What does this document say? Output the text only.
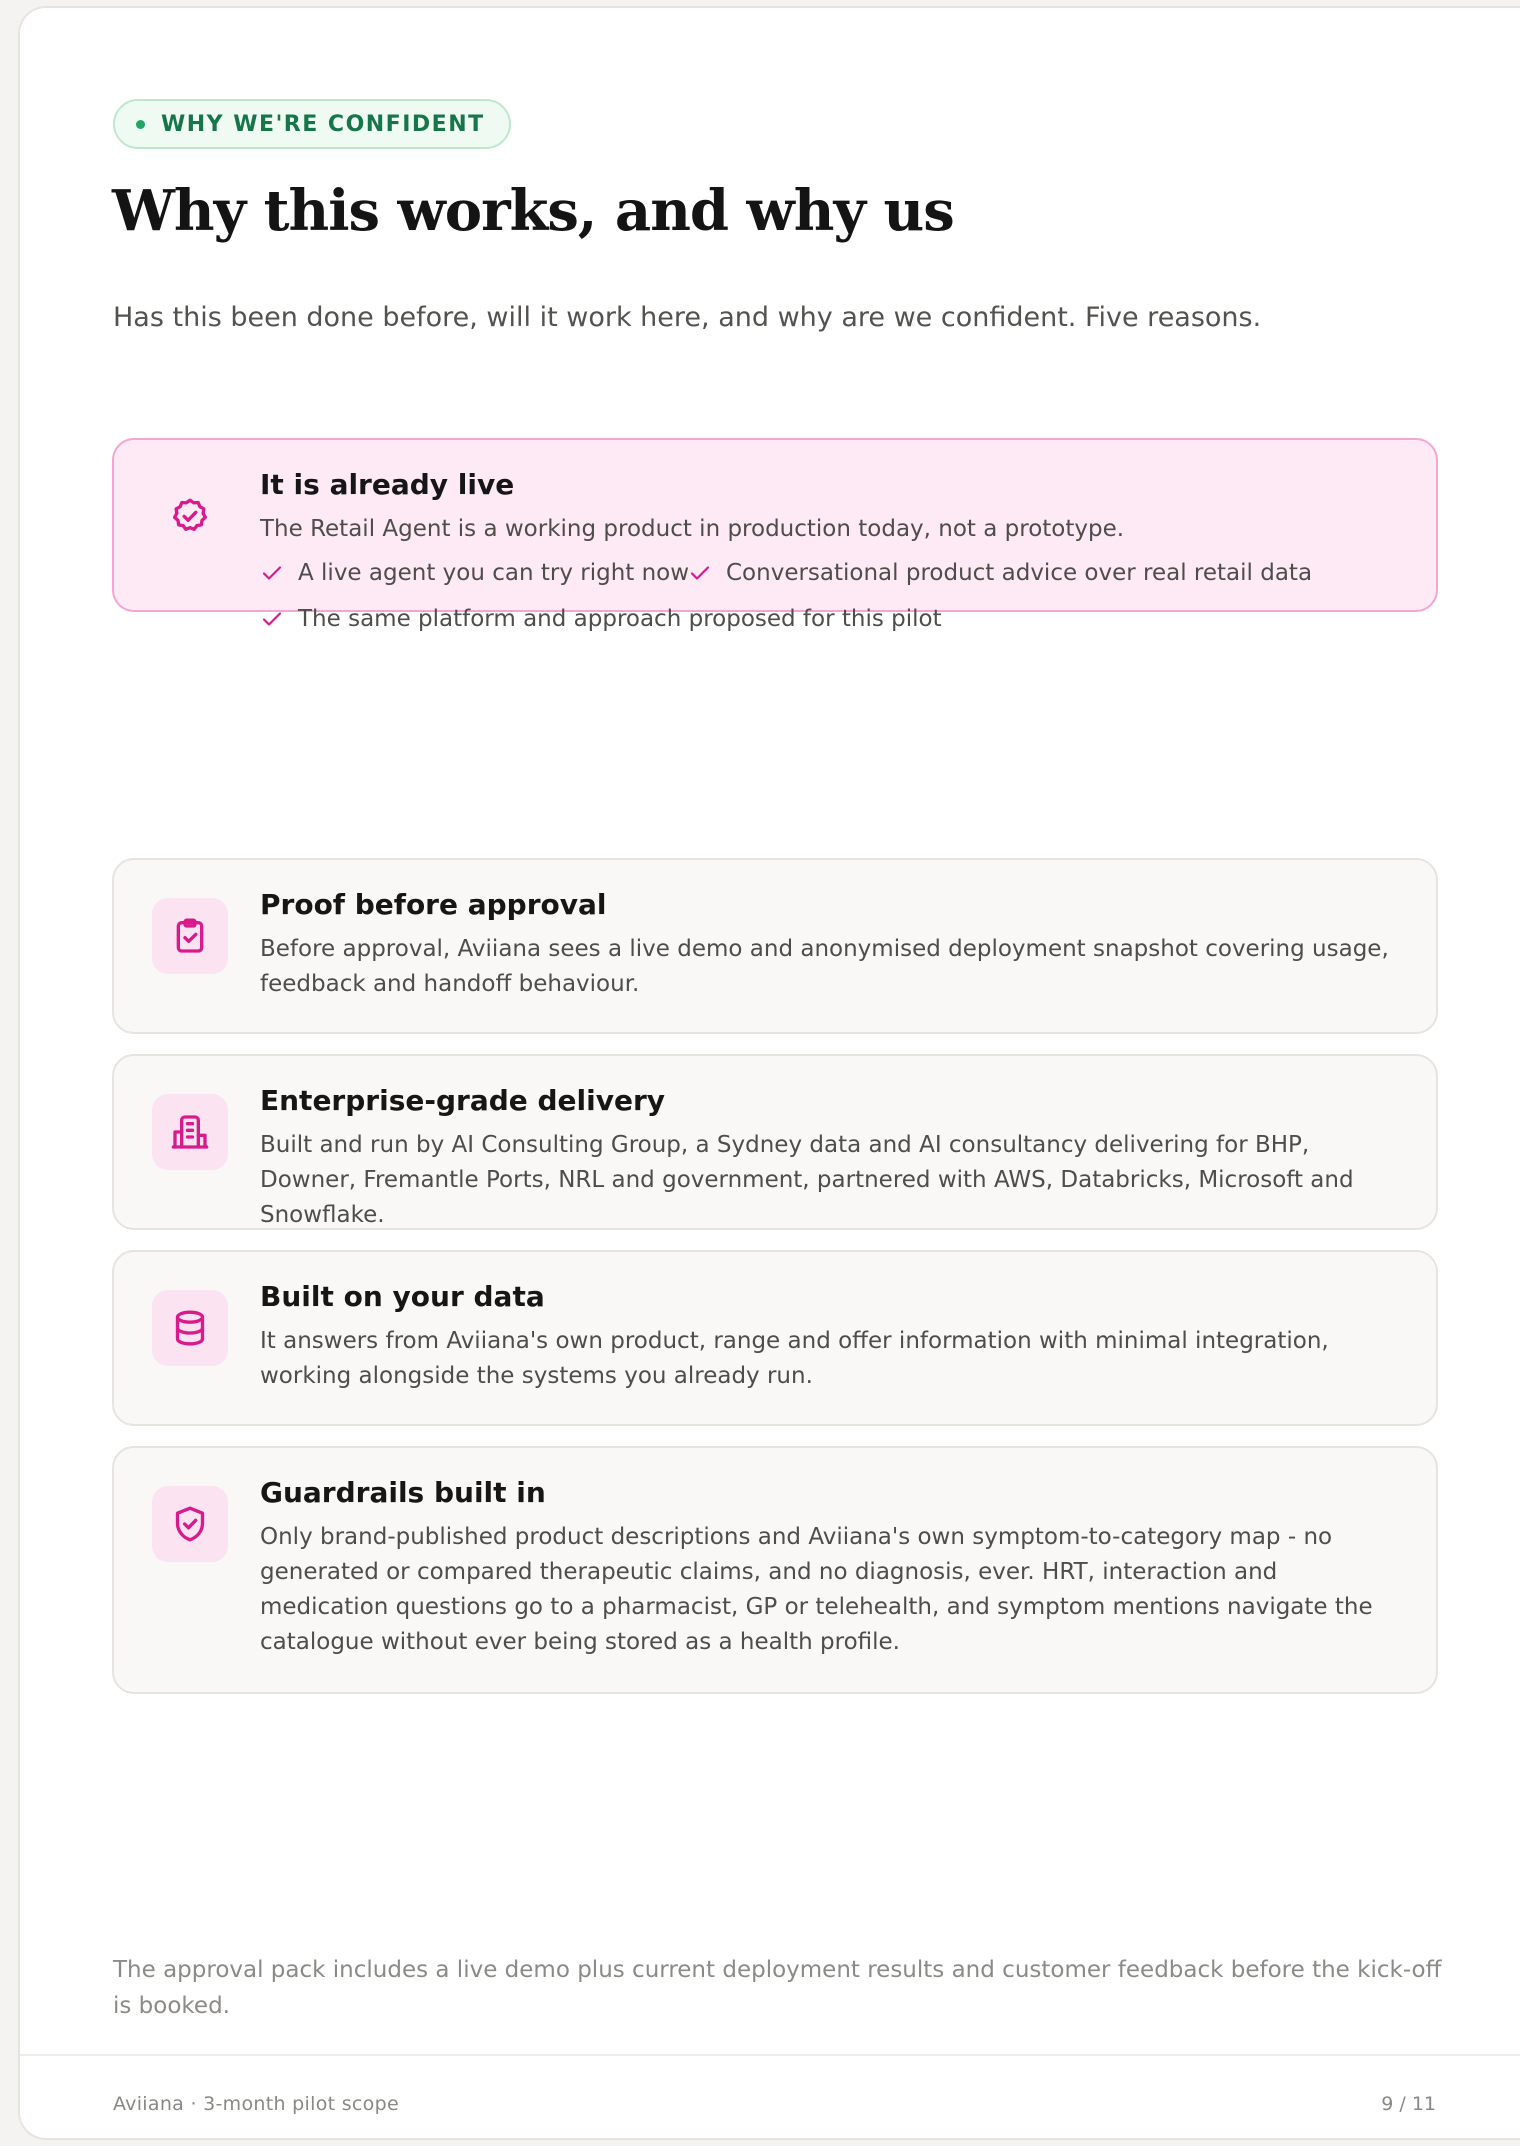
WHY WE'RE CONFIDENT
Why this works, and why us

Has this been done before, will it work here, and why are we confident. Five reasons.

It is already live

The Retail Agent is a working product in production today, not a prototype.

A live agent you can try right now Conversational product advice over real retail data
The same platform and approach proposed for this pilot
Proof before approval

Before approval, Aviiana sees a live demo and anonymised deployment snapshot covering usage, feedback and handoff behaviour.

Enterprise-grade delivery

Built and run by AI Consulting Group, a Sydney data and AI consultancy delivering for BHP, Downer, Fremantle Ports, NRL and government, partnered with AWS, Databricks, Microsoft and Snowflake.

Built on your data

It answers from Aviiana's own product, range and offer information with minimal integration, working alongside the systems you already run.

Guardrails built in

Only brand-published product descriptions and Aviiana's own symptom-to-category map - no generated or compared therapeutic claims, and no diagnosis, ever. HRT, interaction and medication questions go to a pharmacist, GP or telehealth, and symptom mentions navigate the catalogue without ever being stored as a health profile.

The approval pack includes a live demo plus current deployment results and customer feedback before the kick-off is booked.

Aviiana · 3-month pilot scope	9 / 11
